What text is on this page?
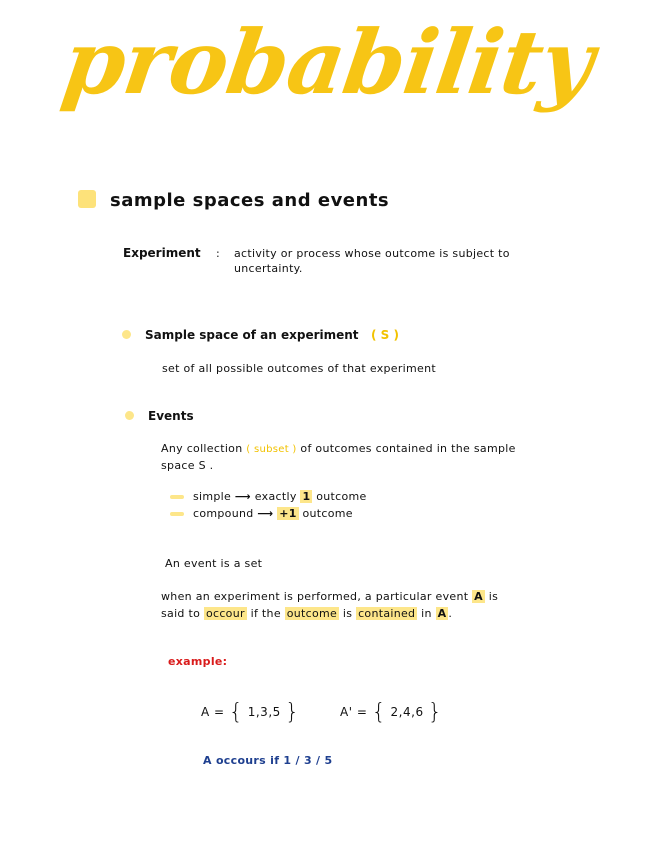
probability
sample spaces and events
Experiment : activity or process whose outcome is subject to
uncertainty.
Sample space of an experiment ( S )
set of all possible outcomes of that experiment
Events
Any collection ( subset ) of outcomes contained in the sample
space S .
simple ⟶ exactly 1 outcome
compound ⟶ +1 outcome
An event is a set
when an experiment is performed, a particular event A is
said to occour if the outcome is contained in A .
example:
A = { 1,3,5 }	A' = { 2,4,6 }
A occours if 1 / 3 / 5
